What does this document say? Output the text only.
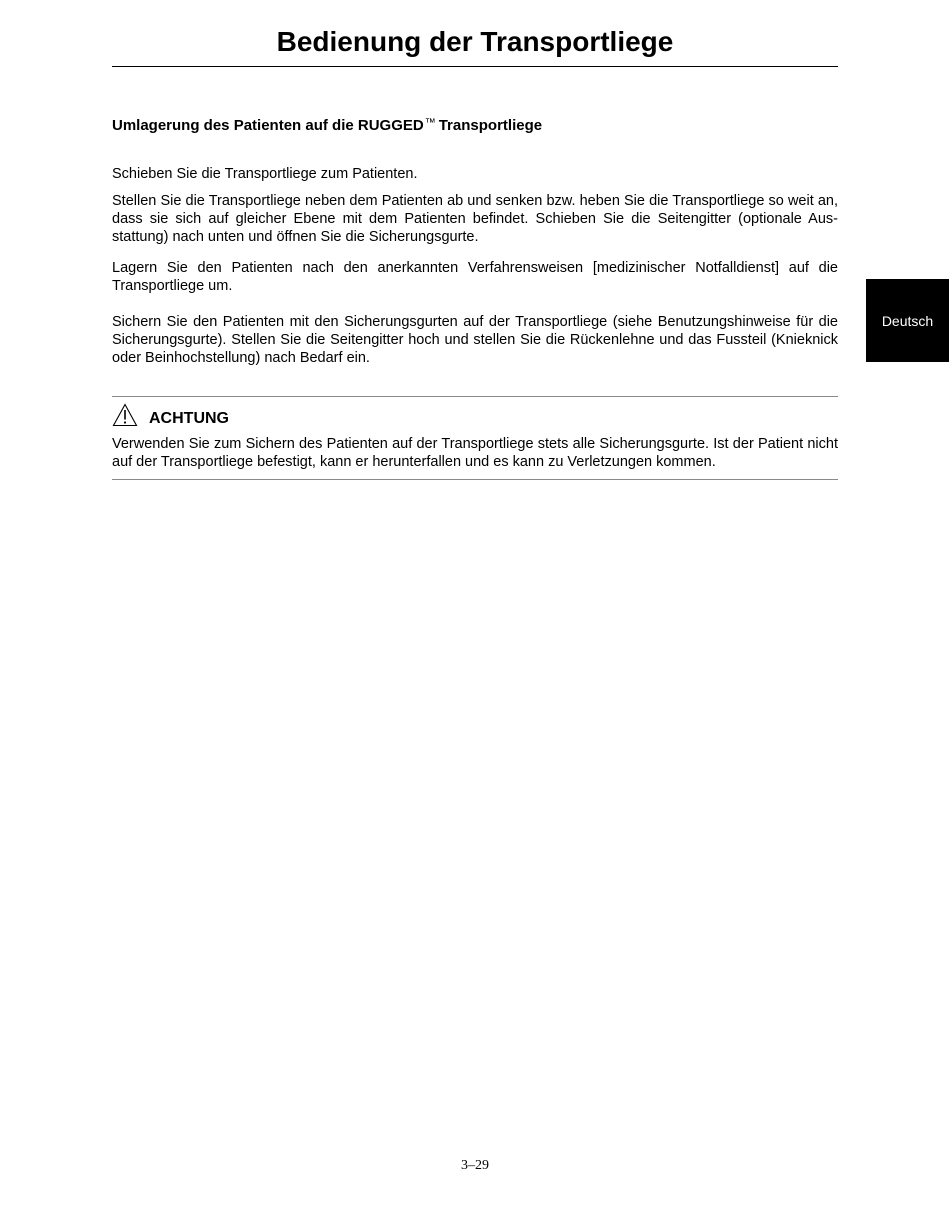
Bedienung der Transportliege
Umlagerung des Patienten auf die RUGGED™ Transportliege

Schieben Sie die Transportliege zum Patienten.

Stellen Sie die Transportliege neben dem Patienten ab und senken bzw. heben Sie die Transportliege so weit an, dass sie sich auf gleicher Ebene mit dem Patienten befindet. Schieben Sie die Seitengitter (optionale Aus-stattung) nach unten und öffnen Sie die Sicherungsgurte.

Lagern Sie den Patienten nach den anerkannten Verfahrensweisen [medizinischer Notfalldienst] auf die Transportliege um.

Sichern Sie den Patienten mit den Sicherungsgurten auf der Transportliege (siehe Benutzungshinweise für die Sicherungsgurte). Stellen Sie die Seitengitter hoch und stellen Sie die Rückenlehne und das Fussteil (Knieknick oder Beinhochstellung) nach Bedarf ein.

Deutsch
ACHTUNG

Verwenden Sie zum Sichern des Patienten auf der Transportliege stets alle Sicherungsgurte. Ist der Patient nicht auf der Transportliege befestigt, kann er herunterfallen und es kann zu Verletzungen kommen.

3–29
